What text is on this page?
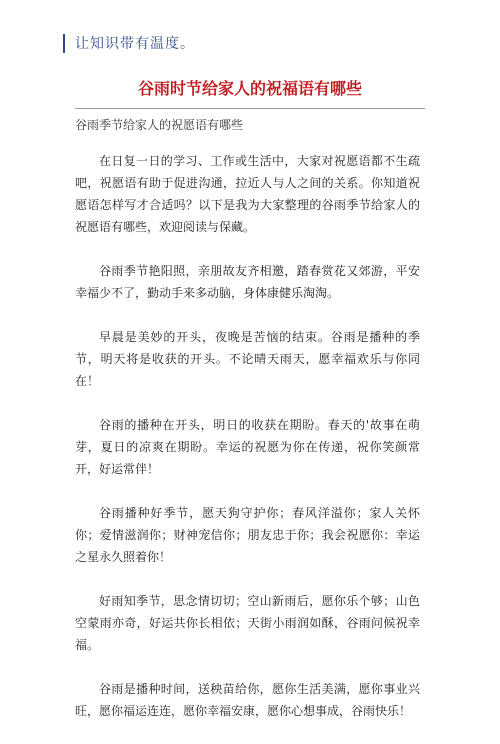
让知识带有温度。
谷雨时节给家人的祝福语有哪些
谷雨季节给家人的祝愿语有哪些

在日复一日的学习、工作或生活中，大家对祝愿语都不生疏吧，祝愿语有助于促进沟通，拉近人与人之间的关系。你知道祝愿语怎样写才合适吗？以下是我为大家整理的谷雨季节给家人的祝愿语有哪些，欢迎阅读与保藏。

谷雨季节艳阳照，亲朋故友齐相邀，踏春赏花又郊游，平安幸福少不了，勤动手来多动脑，身体康健乐淘淘。

早晨是美妙的开头，夜晚是苦恼的结束。谷雨是播种的季节，明天将是收获的开头。不论晴天雨天，愿幸福欢乐与你同在！

谷雨的播种在开头，明日的收获在期盼。春天的'故事在萌芽，夏日的凉爽在期盼。幸运的祝愿为你在传递，祝你笑颜常开，好运常伴！

谷雨播种好季节，愿天狗守护你；春风洋溢你；家人关怀你；爱情滋润你；财神宠信你；朋友忠于你；我会祝愿你：幸运之星永久照着你！

好雨知季节，思念情切切；空山新雨后，愿你乐个够；山色空蒙雨亦奇，好运共你长相依；天街小雨润如酥，谷雨问候祝幸福。

谷雨是播种时间，送秧苗给你，愿你生活美满，愿你事业兴旺，愿你福运连连，愿你幸福安康，愿你心想事成，谷雨快乐！
